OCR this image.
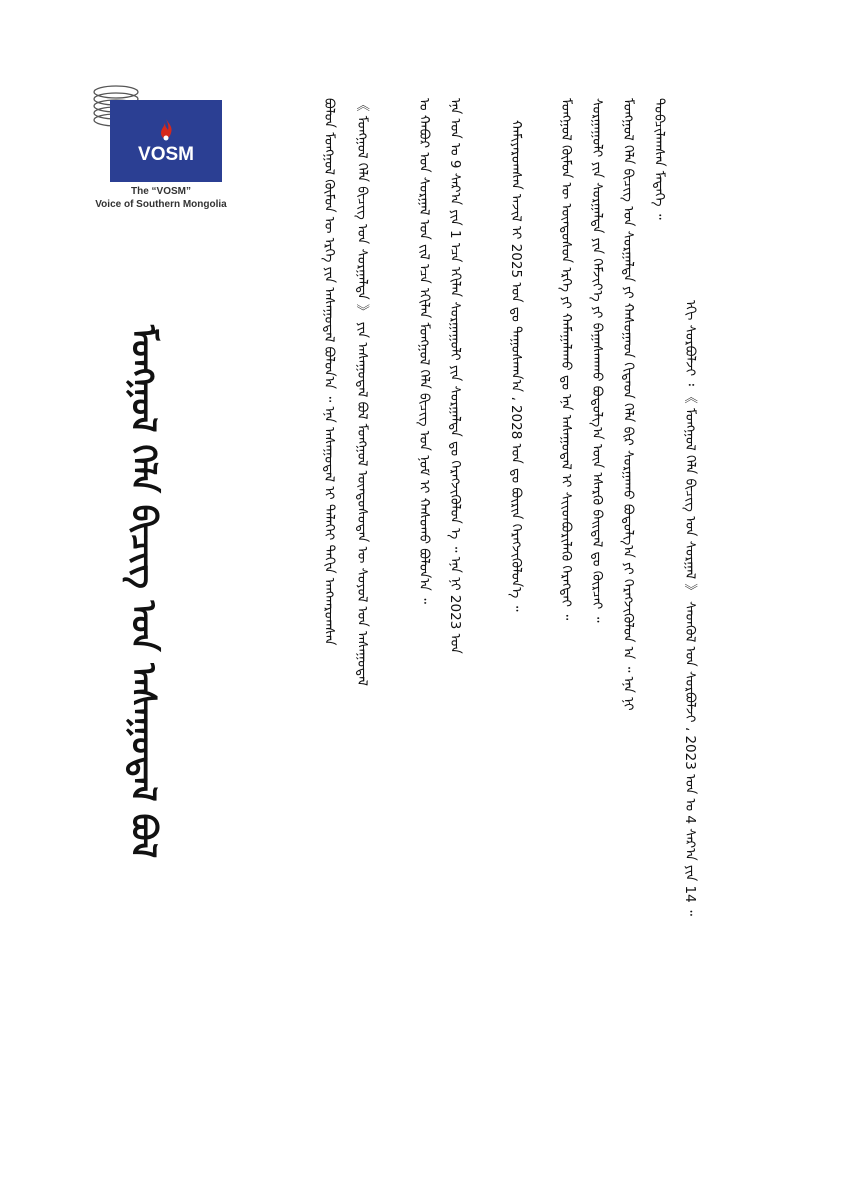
VOSM
The “VOSM”
Voice of Southern Mongolia
ᠮᠣᠩᠭᠣᠯ ᠬᠡᠯᠡ ᠪᠢᠴᠢᠭ᠌ ᠤᠨ ᠠᠰᠠᠭᠤᠳᠠᠯ ᠪᠣᠯ	ᠡᠬᠢ ᠰᠤᠷᠪᠤᠯᠵᠢ ᠄ 《 ᠮᠣᠩᠭᠣᠯ ᠬᠡᠯᠡ ᠪᠢᠴᠢᠭ᠌ ᠤᠨ ᠰᠤᠷᠭᠠᠯ 》 ᠰᠡᠳᠬᠦᠯ ᠤᠨ ᠰᠤᠷᠪᠤᠯᠵᠢ ، 2023 ᠣᠨ ᠤ 4 ᠰᠠᠷ᠎ᠠ ᠶᠢᠨ 14 ᠃
ᠲᠣᠪᠴᠢᠯᠠᠭᠰᠠᠨ ᠮᠡᠳᠡᠭᠡ ᠃
ᠮᠣᠩᠭᠣᠯ ᠬᠡᠯᠡ ᠪᠢᠴᠢᠭ᠌ ᠤᠨ ᠰᠤᠷᠭᠠᠯᠲᠠ ᠶᠢ ᠬᠠᠰᠤᠭᠠᠳ ᠬᠢᠲᠠᠳ ᠬᠡᠯᠡ ᠪᠢᠷ ᠰᠤᠷᠭᠠᠬᠤ ᠪᠣᠳᠣᠯᠭ᠎ᠠ ᠶᠢ ᠬᠡᠷᠡᠭᠵᠢᠭᠦᠯᠦᠨ ᠠ ᠃ ᠡᠨᠡ ᠨᠢ
ᠰᠤᠷᠭᠠᠭᠤᠯᠢ ᠶᠢᠨ ᠰᠤᠷᠭᠠᠯᠲᠠ ᠶᠢᠨ ᠬᠡᠮᠵᠢᠶ᠎ᠡ ᠶᠢ ᠪᠠᠭᠠᠰᠬᠠᠬᠤ ᠪᠣᠳᠣᠯᠭ᠎ᠠ ᠦᠨ ᠡᠰᠡᠷᠭᠦ ᠪᠠᠢᠳᠠᠯ ᠳᠤ ᠬᠦᠷᠴᠡᠢ ᠃
ᠮᠣᠩᠭᠣᠯ ᠬᠦᠮᠦᠨ ᠦ ᠦᠨᠳᠦᠰᠦᠨ ᠡᠷᠬᠡ ᠶᠢ ᠬᠠᠮᠠᠭᠠᠯᠠᠬᠤ ᠳᠤ ᠡᠨᠡ ᠠᠰᠠᠭᠤᠳᠠᠯ ᠢ ᠰᠢᠢᠳᠪᠦᠷᠢᠯᠡᠬᠦ ᠬᠡᠷᠡᠭᠲᠡᠢ ᠃
ᠬᠠᠮᠢᠶᠠᠷᠤᠭᠰᠠᠨ ᠠᠵᠢᠯ ᠢ 2025 ᠣᠨ ᠳᠤ ᠳᠠᠭᠤᠰᠬᠠᠨ᠎ᠠ ، 2028 ᠣᠨ ᠳᠤ ᠪᠦᠷᠢᠨ ᠬᠡᠷᠡᠭᠵᠢᠭᠦᠯᠦᠨ᠎ᠡ ᠃
ᠡᠨᠡ ᠣᠨ ᠤ 9 ᠰᠠᠷ᠎ᠠ ᠶᠢᠨ 1 ᠡᠴᠡ ᠡᠬᠢᠯᠡᠨ ᠰᠤᠷᠭᠠᠭᠤᠯᠢ ᠶᠢᠨ ᠰᠤᠷᠭᠠᠯᠲᠠ ᠳᠤ ᠬᠡᠷᠡᠭᠵᠢᠭᠦᠯᠦᠨ ᠡ ᠃ ᠡᠨᠡ ᠨᠢ 2023 ᠣᠨ
ᠤ ᠬᠠᠪᠤᠷ ᠤᠨ ᠰᠤᠷᠭᠠᠯ ᠤᠨ ᠵᠢᠯ ᠡᠴᠡ ᠡᠬᠢᠯᠡᠨ ᠮᠣᠩᠭᠣᠯ ᠬᠡᠯᠡ ᠪᠢᠴᠢᠭ᠌ ᠤᠨ ᠨᠣᠮ ᠢ ᠬᠠᠰᠤᠬᠤ ᠪᠣᠯᠤᠨ᠎ᠠ ᠃
《 ᠮᠣᠩᠭᠣᠯ ᠬᠡᠯᠡ ᠪᠢᠴᠢᠭ᠌ ᠤᠨ ᠰᠤᠷᠭᠠᠯᠲᠠ 》 ᠶᠢᠨ ᠠᠰᠠᠭᠤᠳᠠᠯ ᠪᠣᠯ ᠮᠣᠩᠭᠣᠯ ᠦᠨᠳᠦᠰᠦᠲᠡᠨ ᠦ ᠰᠣᠶᠣᠯ ᠤᠨ ᠠᠰᠠᠭᠤᠳᠠᠯ
ᠪᠣᠯᠤᠨ ᠮᠣᠩᠭᠣᠯ ᠬᠦᠮᠦᠨ ᠦ ᠡᠷᠬᠡ ᠶᠢᠨ ᠠᠰᠠᠭᠤᠳᠠᠯ ᠪᠣᠯᠤᠨ᠎ᠠ ᠃ ᠡᠨᠡ ᠠᠰᠠᠭᠤᠳᠠᠯ ᠢ ᠳᠡᠯᠡᠬᠡᠢ ᠳᠠᠬᠢᠨ ᠠᠩᠬᠠᠷᠤᠭᠰᠠᠨ
